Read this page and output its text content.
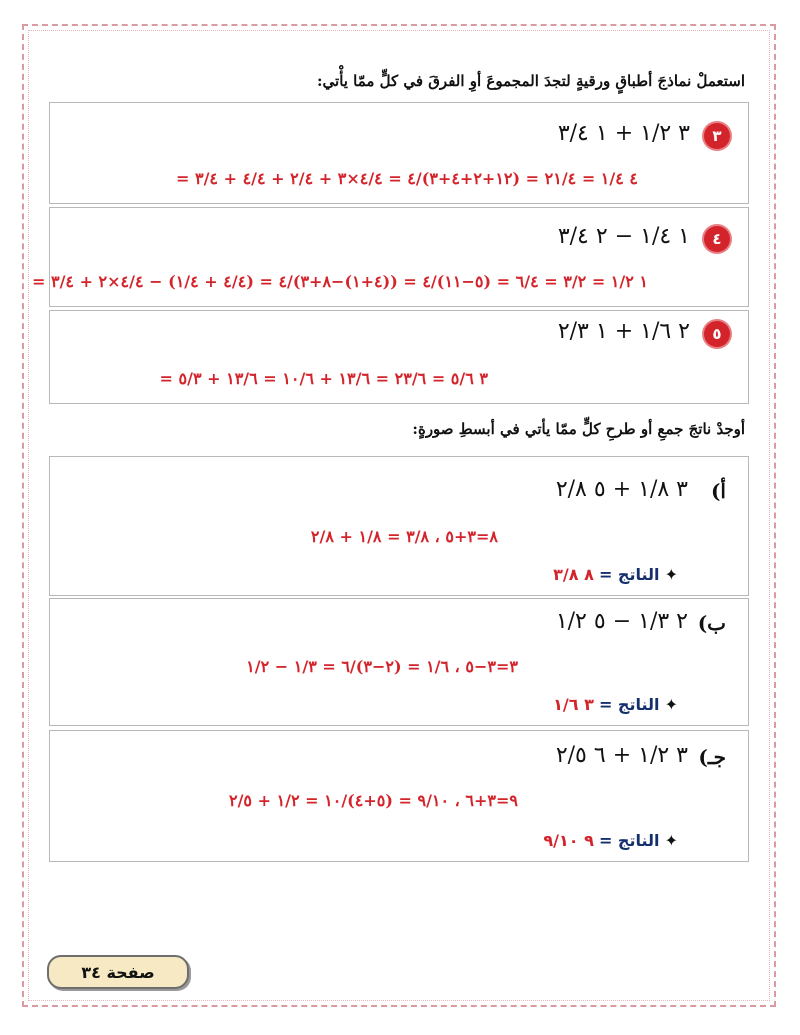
استعملْ نماذجَ أطباقٍ ورقيةٍ لتجدَ المجموعَ أوِ الفرقَ في كلٍّ ممّا يأْتي:
٣
٣ ١/٢ + ١ ٣/٤
٤ ١/٤ = ٢١/٤ = (١٢+٢+٤+٣)/٤ = ٤/٤×٣ + ٢/٤ + ٤/٤ + ٣/٤ =
٤
١ ١/٤ − ٢ ٣/٤
١ ١/٢ = ٣/٢ = ٦/٤ = (٥−١١)/٤ = ((٤+١)−٨+٣)/٤ = (٤/٤ + ١/٤) − ٤/٤×٢ + ٣/٤ =
٥
٢ ١/٦ + ١ ٢/٣
٣ ٥/٦ = ٢٣/٦ = ١٣/٦ + ١٠/٦ = ١٣/٦ + ٥/٣ =
أوجدْ ناتجَ جمعِ أو طرحِ كلٍّ ممّا يأتي في أبسطِ صورةٍ:
أ)
٣ ١/٨ + ٥ ٢/٨
٨=٣+٥ ، ٣/٨ = ١/٨ + ٢/٨
✦ الناتج = ٨ ٣/٨
ب)
٢ ١/٣ − ٥ ١/٢
٣=٣−٥ ، ١/٦ = (٢−٣)/٦ = ١/٣ − ١/٢
✦ الناتج = ٣ ١/٦
جـ)
٣ ١/٢ + ٦ ٢/٥
٩=٣+٦ ، ٩/١٠ = (٥+٤)/١٠ = ١/٢ + ٢/٥
✦ الناتج = ٩ ٩/١٠
صفحة ٣٤
